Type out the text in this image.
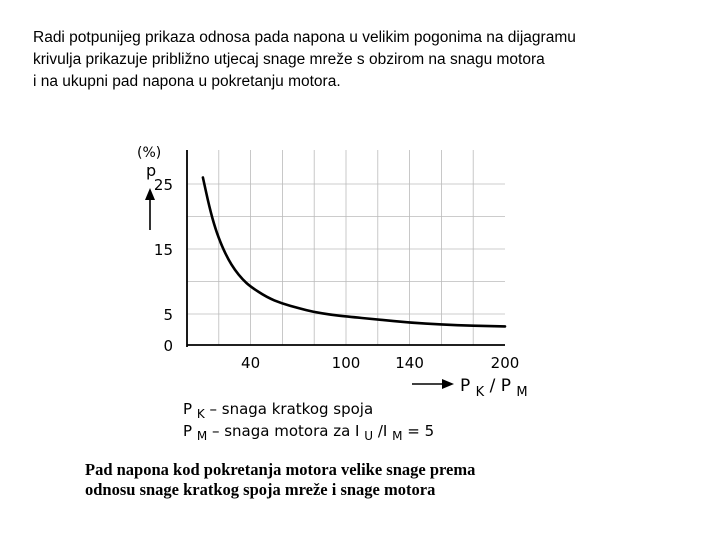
Radi potpunijeg prikaza odnosa pada napona u velikim pogonima na dijagramu
krivulja prikazuje približno utjecaj snage mreže s obzirom na snagu motora
i na ukupni pad napona u pokretanju motora.
40	100 140	200
0
5
15
25
(%)
p
P $_K$ / P $_M$
P $_K$ – snaga kratkog spoja
P $_M$ – snaga motora za I $_U$ /I $_M$ = 5
Pad napona kod pokretanja motora velike snage prema
odnosu snage kratkog spoja mreže i snage motora
